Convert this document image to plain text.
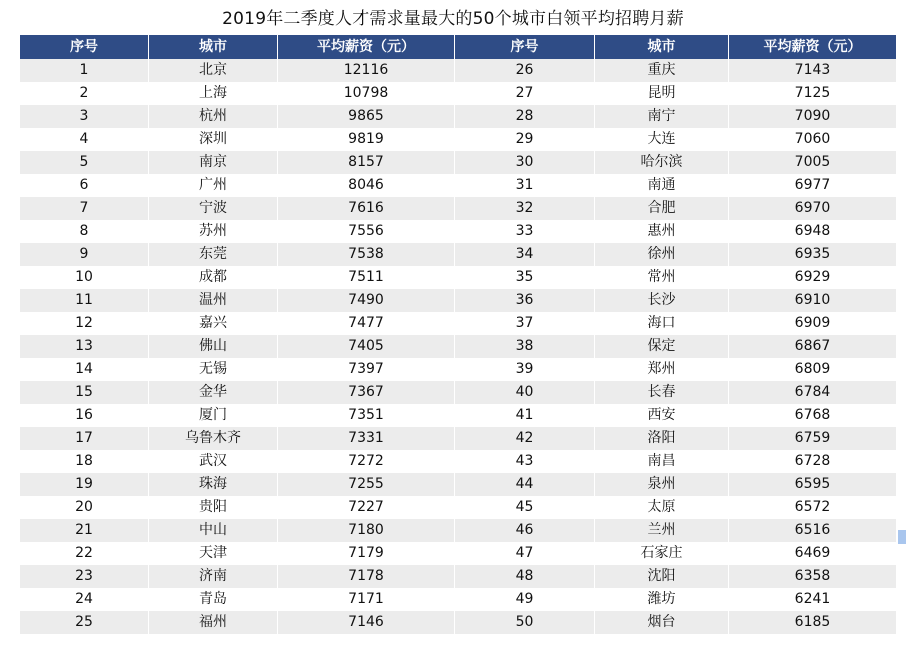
2019年二季度人才需求量最大的50个城市白领平均招聘月薪
序号	城市	平均薪资（元）	序号	城市	平均薪资（元）
1	北京	12116	26	重庆	7143
2	上海	10798	27	昆明	7125
3	杭州	9865	28	南宁	7090
4	深圳	9819	29	大连	7060
5	南京	8157	30	哈尔滨	7005
6	广州	8046	31	南通	6977
7	宁波	7616	32	合肥	6970
8	苏州	7556	33	惠州	6948
9	东莞	7538	34	徐州	6935
10	成都	7511	35	常州	6929
11	温州	7490	36	长沙	6910
12	嘉兴	7477	37	海口	6909
13	佛山	7405	38	保定	6867
14	无锡	7397	39	郑州	6809
15	金华	7367	40	长春	6784
16	厦门	7351	41	西安	6768
17	乌鲁木齐	7331	42	洛阳	6759
18	武汉	7272	43	南昌	6728
19	珠海	7255	44	泉州	6595
20	贵阳	7227	45	太原	6572
21	中山	7180	46	兰州	6516
22	天津	7179	47	石家庄	6469
23	济南	7178	48	沈阳	6358
24	青岛	7171	49	潍坊	6241
25	福州	7146	50	烟台	6185
